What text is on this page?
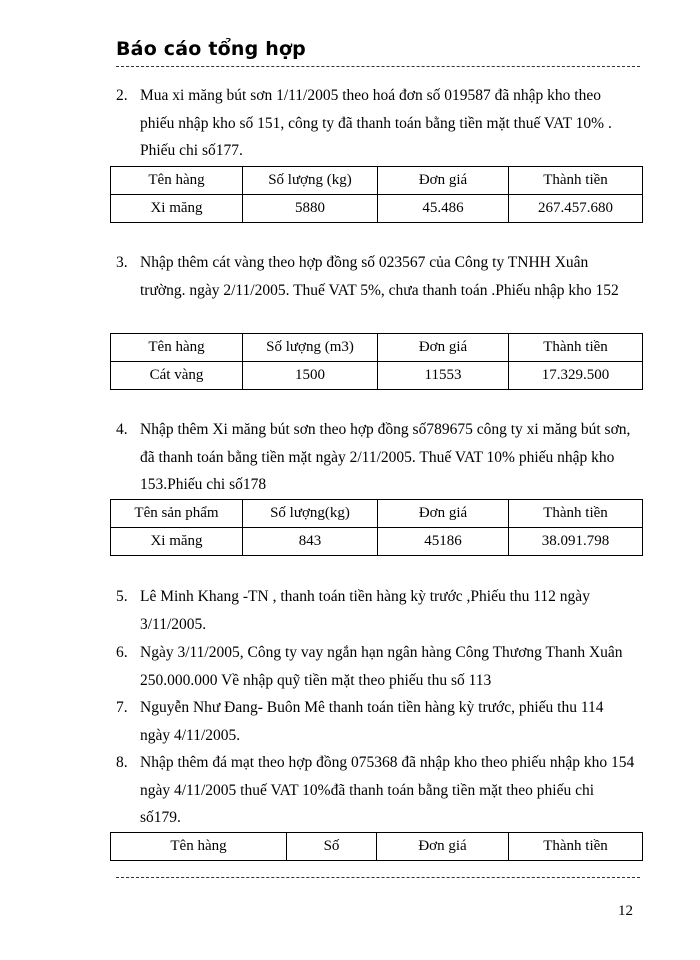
Báo cáo tổng hợp
2. Mua xi măng bút sơn 1/11/2005 theo hoá đơn số 019587 đã nhập kho theo phiếu nhập kho số 151, công ty đã thanh toán bằng tiền mặt thuế VAT 10% . Phiếu chi số177.
Tên hàng	Số lượng (kg)	Đơn giá	Thành tiền
Xi măng	5880	45.486	267.457.680
3. Nhập thêm cát vàng theo hợp đồng số 023567 của Công ty TNHH Xuân trường. ngày 2/11/2005. Thuế VAT 5%, chưa thanh toán .Phiếu nhập kho 152
Tên hàng	Số lượng (m3)	Đơn giá	Thành tiền
Cát vàng	1500	11553	17.329.500
4. Nhập thêm Xi măng bút sơn theo hợp đồng số789675 công ty xi măng bút sơn, đã thanh toán bằng tiền mặt ngày 2/11/2005. Thuế VAT 10% phiếu nhập kho 153.Phiếu chi số178
Tên sản phẩm	Số lượng(kg)	Đơn giá	Thành tiền
Xi măng	843	45186	38.091.798
5. Lê Minh Khang -TN , thanh toán tiền hàng kỳ trước ,Phiếu thu 112 ngày 3/11/2005.
6. Ngày 3/11/2005, Công ty vay ngắn hạn ngân hàng Công Thương Thanh Xuân 250.000.000 Về nhập quỹ tiền mặt theo phiếu thu số 113
7. Nguyễn Như Đang- Buôn Mê thanh toán tiền hàng kỳ trước, phiếu thu 114 ngày 4/11/2005.
8. Nhập thêm đá mạt theo hợp đồng 075368 đã nhập kho theo phiếu nhập kho 154 ngày 4/11/2005 thuế VAT 10%đã thanh toán bằng tiền mặt theo phiếu chi số179.
Tên hàng	Số	Đơn giá	Thành tiền
12
